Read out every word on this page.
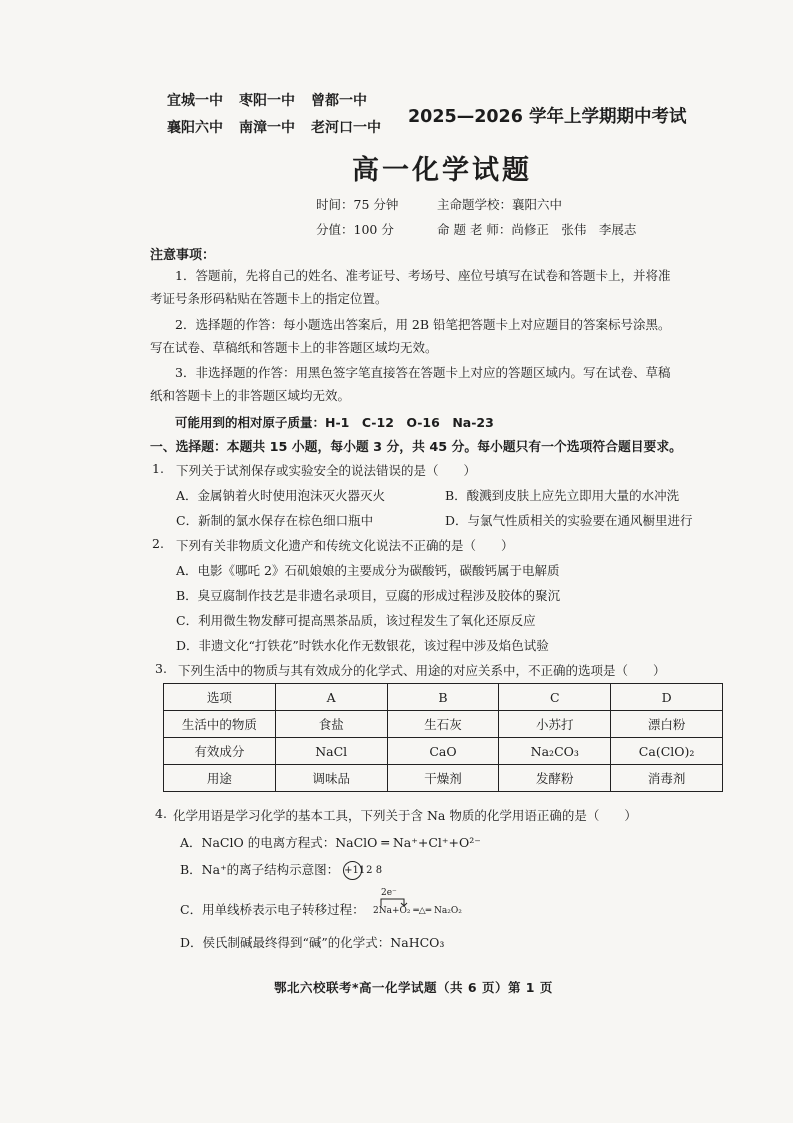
宜城一中 枣阳一中 曾都一中
襄阳六中 南漳一中 老河口一中
2025—2026 学年上学期期中考试
高一化学试题
时间：75 分钟	主命题学校：襄阳六中
分值：100 分	命 题 老 师：尚修正　张伟　李展志
注意事项：
1．答题前，先将自己的姓名、准考证号、考场号、座位号填写在试卷和答题卡上，并将准
考证号条形码粘贴在答题卡上的指定位置。
2．选择题的作答：每小题选出答案后，用 2B 铅笔把答题卡上对应题目的答案标号涂黑。
写在试卷、草稿纸和答题卡上的非答题区域均无效。
3．非选择题的作答：用黑色签字笔直接答在答题卡上对应的答题区域内。写在试卷、草稿
纸和答题卡上的非答题区域均无效。
可能用到的相对原子质量：H-1　C-12　O-16　Na-23
一、选择题：本题共 15 小题，每小题 3 分，共 45 分。每小题只有一个选项符合题目要求。
1. 下列关于试剂保存或实验安全的说法错误的是（　　）
A．金属钠着火时使用泡沫灭火器灭火	B．酸溅到皮肤上应先立即用大量的水冲洗
C．新制的氯水保存在棕色细口瓶中	D．与氯气性质相关的实验要在通风橱里进行
2. 下列有关非物质文化遗产和传统文化说法不正确的是（　　）
A．电影《哪吒 2》石矶娘娘的主要成分为碳酸钙，碳酸钙属于电解质
B．臭豆腐制作技艺是非遗名录项目，豆腐的形成过程涉及胶体的聚沉
C．利用微生物发酵可提高黑茶品质，该过程发生了氧化还原反应
D．非遗文化“打铁花”时铁水化作无数银花，该过程中涉及焰色试验
3. 下列生活中的物质与其有效成分的化学式、用途的对应关系中，不正确的选项是（　　）
选项	A	B	C	D
生活中的物质	食盐	生石灰	小苏打	漂白粉
有效成分	NaCl	CaO	Na₂CO₃	Ca(ClO)₂
用途	调味品	干燥剂	发酵粉	消毒剂
4. 化学用语是学习化学的基本工具，下列关于含 Na 物质的化学用语正确的是（　　）
A．NaClO 的电离方程式：NaClO ═ Na⁺+Cl⁺+O²⁻
B．Na⁺的离子结构示意图： +11 2 8
C．用单线桥表示电子转移过程：
2e⁻
2Na+O₂ ═△═ Na₂O₂
D．侯氏制碱最终得到“碱”的化学式：NaHCO₃
鄂北六校联考*高一化学试题（共 6 页）第 1 页
